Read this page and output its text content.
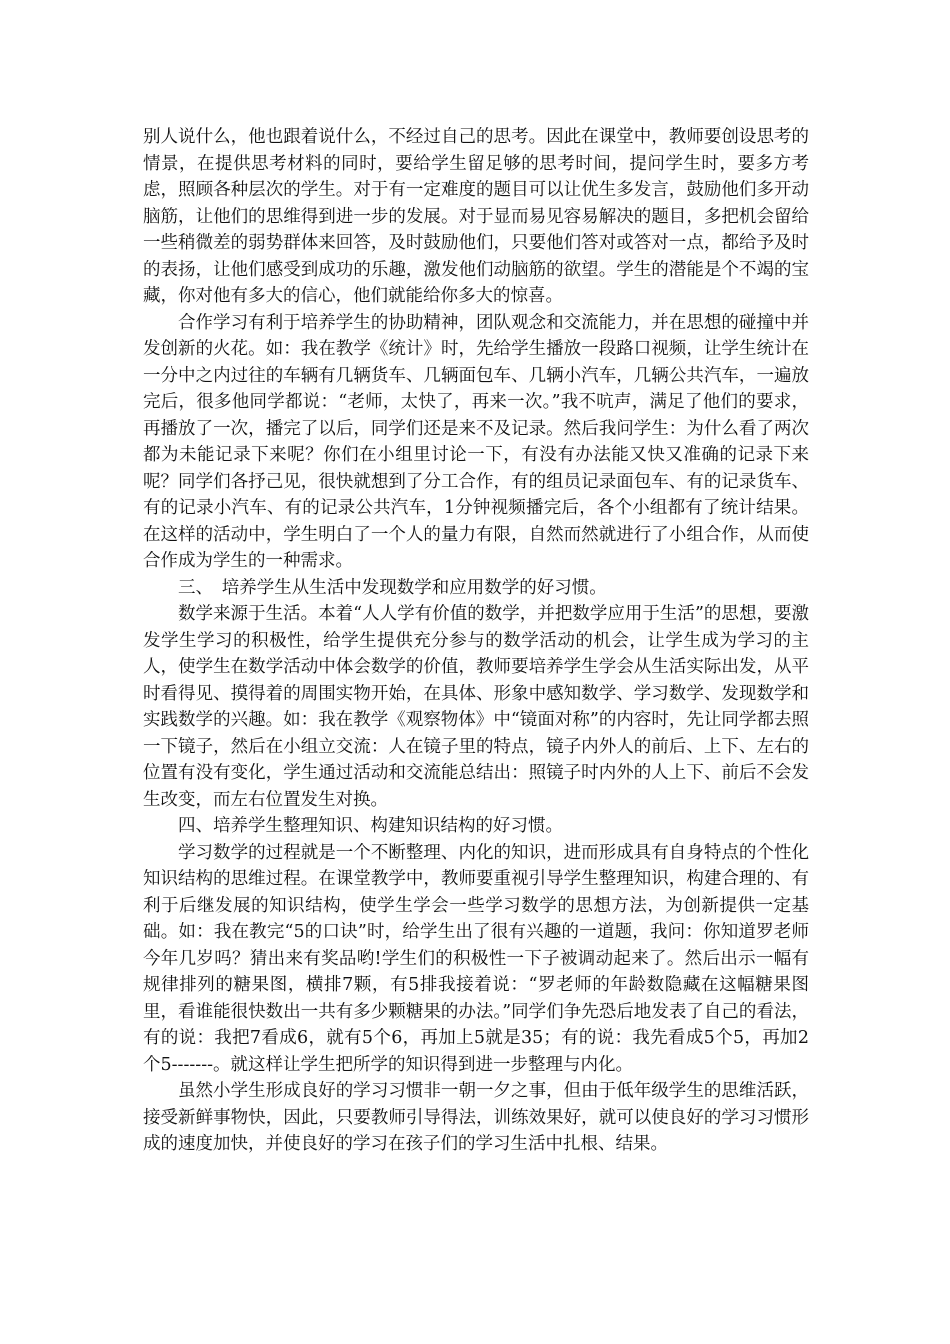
别人说什么，他也跟着说什么，不经过自己的思考。因此在课堂中，教师要创设思考的情景，在提供思考材料的同时，要给学生留足够的思考时间，提问学生时，要多方考虑，照顾各种层次的学生。对于有一定难度的题目可以让优生多发言，鼓励他们多开动脑筋，让他们的思维得到进一步的发展。对于显而易见容易解决的题目，多把机会留给一些稍微差的弱势群体来回答，及时鼓励他们，只要他们答对或答对一点，都给予及时的表扬，让他们感受到成功的乐趣，激发他们动脑筋的欲望。学生的潜能是个不竭的宝藏，你对他有多大的信心，他们就能给你多大的惊喜。

合作学习有利于培养学生的协助精神，团队观念和交流能力，并在思想的碰撞中并发创新的火花。如：我在教学《统计》时，先给学生播放一段路口视频，让学生统计在一分中之内过往的车辆有几辆货车、几辆面包车、几辆小汽车，几辆公共汽车，一遍放完后，很多他同学都说：“老师，太快了，再来一次。”我不吭声，满足了他们的要求，再播放了一次，播完了以后，同学们还是来不及记录。然后我问学生：为什么看了两次都为未能记录下来呢？你们在小组里讨论一下，有没有办法能又快又准确的记录下来呢？同学们各抒己见，很快就想到了分工合作，有的组员记录面包车、有的记录货车、有的记录小汽车、有的记录公共汽车，1分钟视频播完后，各个小组都有了统计结果。在这样的活动中，学生明白了一个人的量力有限，自然而然就进行了小组合作，从而使合作成为学生的一种需求。

三、　培养学生从生活中发现数学和应用数学的好习惯。

数学来源于生活。本着“人人学有价值的数学，并把数学应用于生活”的思想，要激发学生学习的积极性，给学生提供充分参与的数学活动的机会，让学生成为学习的主人，使学生在数学活动中体会数学的价值，教师要培养学生学会从生活实际出发，从平时看得见、摸得着的周围实物开始，在具体、形象中感知数学、学习数学、发现数学和实践数学的兴趣。如：我在教学《观察物体》中“镜面对称”的内容时，先让同学都去照一下镜子，然后在小组立交流：人在镜子里的特点，镜子内外人的前后、上下、左右的位置有没有变化，学生通过活动和交流能总结出：照镜子时内外的人上下、前后不会发生改变，而左右位置发生对换。

四、培养学生整理知识、构建知识结构的好习惯。

学习数学的过程就是一个不断整理、内化的知识，进而形成具有自身特点的个性化知识结构的思维过程。在课堂教学中，教师要重视引导学生整理知识，构建合理的、有利于后继发展的知识结构，使学生学会一些学习数学的思想方法，为创新提供一定基础。如：我在教完“5的口诀”时，给学生出了很有兴趣的一道题，我问：你知道罗老师今年几岁吗？猜出来有奖品哟!学生们的积极性一下子被调动起来了。然后出示一幅有规律排列的糖果图，横排7颗，有5排我接着说：“罗老师的年龄数隐藏在这幅糖果图里，看谁能很快数出一共有多少颗糖果的办法。”同学们争先恐后地发表了自己的看法，有的说：我把7看成6，就有5个6，再加上5就是35；有的说：我先看成5个5，再加2个5-------。就这样让学生把所学的知识得到进一步整理与内化。

虽然小学生形成良好的学习习惯非一朝一夕之事，但由于低年级学生的思维活跃，接受新鲜事物快，因此，只要教师引导得法，训练效果好，就可以使良好的学习习惯形成的速度加快，并使良好的学习在孩子们的学习生活中扎根、结果。
